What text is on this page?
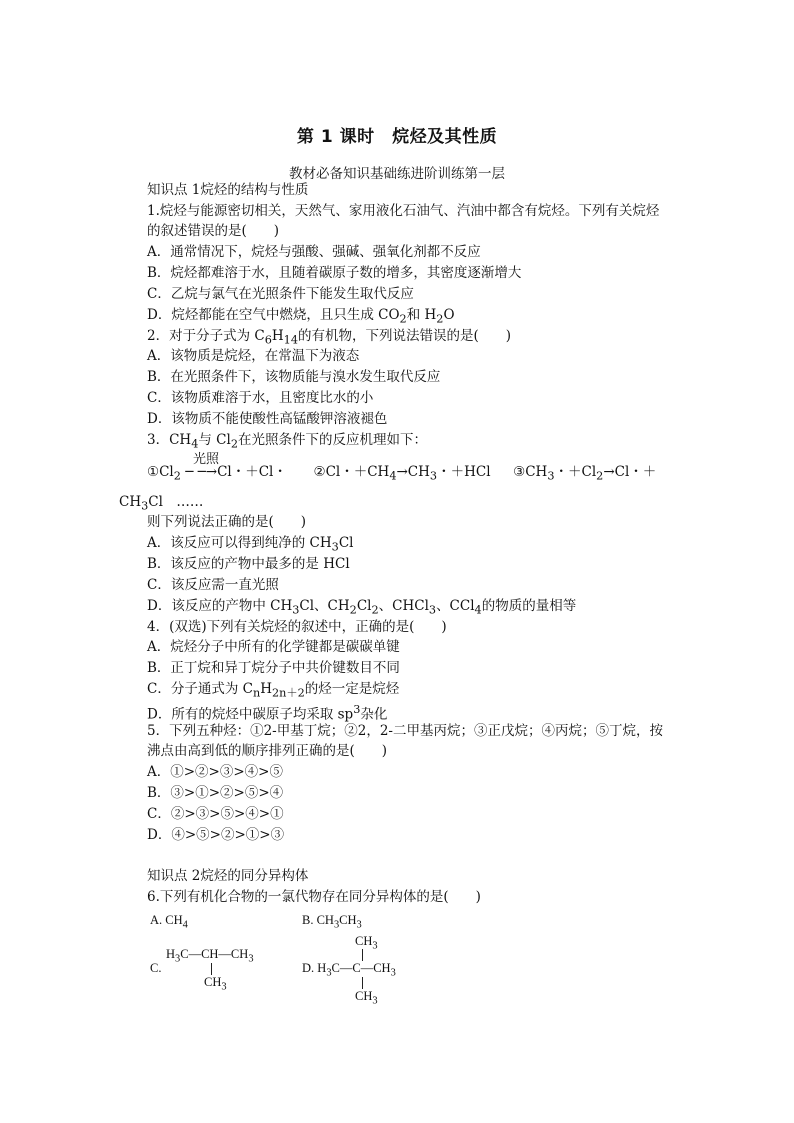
第 1 课时　烷烃及其性质
教材必备知识基础练进阶训练第一层
知识点 1烷烃的结构与性质
1.烷烃与能源密切相关，天然气、家用液化石油气、汽油中都含有烷烃。下列有关烷烃
的叙述错误的是(　　)
A．通常情况下，烷烃与强酸、强碱、强氧化剂都不反应
B．烷烃都难溶于水，且随着碳原子数的增多，其密度逐渐增大
C．乙烷与氯气在光照条件下能发生取代反应
D．烷烃都能在空气中燃烧，且只生成 $CO_2$和 $H_2O$
2．对于分子式为 $C_6H_{14}$的有机物，下列说法错误的是(　　)
A．该物质是烷烃，在常温下为液态
B．在光照条件下，该物质能与溴水发生取代反应
C．该物质难溶于水，且密度比水的小
D．该物质不能使酸性高锰酸钾溶液褪色
3．$CH_4$与 $Cl_2$在光照条件下的反应机理如下：
光照
$①Cl_2$ ─ ─→Cl・＋Cl・ ②Cl・$+CH_4\to CH_3$・＋HCl $③CH_3$・$+Cl_2\to Cl$・＋
$CH_3Cl$　……
则下列说法正确的是(　　)
A．该反应可以得到纯净的 $CH_3Cl$
B．该反应的产物中最多的是 HCl
C．该反应需一直光照
D．该反应的产物中 $CH_3Cl$、$CH_2Cl_2$、CHCl$_3$、CCl$_4$的物质的量相等
4．(双选)下列有关烷烃的叙述中，正确的是(　　)
A．烷烃分子中所有的化学键都是碳碳单键
B．正丁烷和异丁烷分子中共价键数目不同
C．分子通式为 $C_nH_{2n+2}$的烃一定是烷烃
D．所有的烷烃中碳原子均采取 $sp^3$杂化
5．下列五种烃：①2-甲基丁烷；②2，2-二甲基丙烷；③正戊烷；④丙烷；⑤丁烷，按
沸点由高到低的顺序排列正确的是(　　)
A．①>②>③>④>⑤
B．③>①>②>⑤>④
C．②>③>⑤>④>①
D．④>⑤>②>①>③
知识点 2烷烃的同分异构体
6.下列有机化合物的一氯代物存在同分异构体的是(　　)
A. $CH_4$	B. $CH_3CH_3$
C.
$H_3C—CH—CH_3$
$CH_3$
$CH_3$
D. $H_3C—C—CH_3$
$CH_3$
